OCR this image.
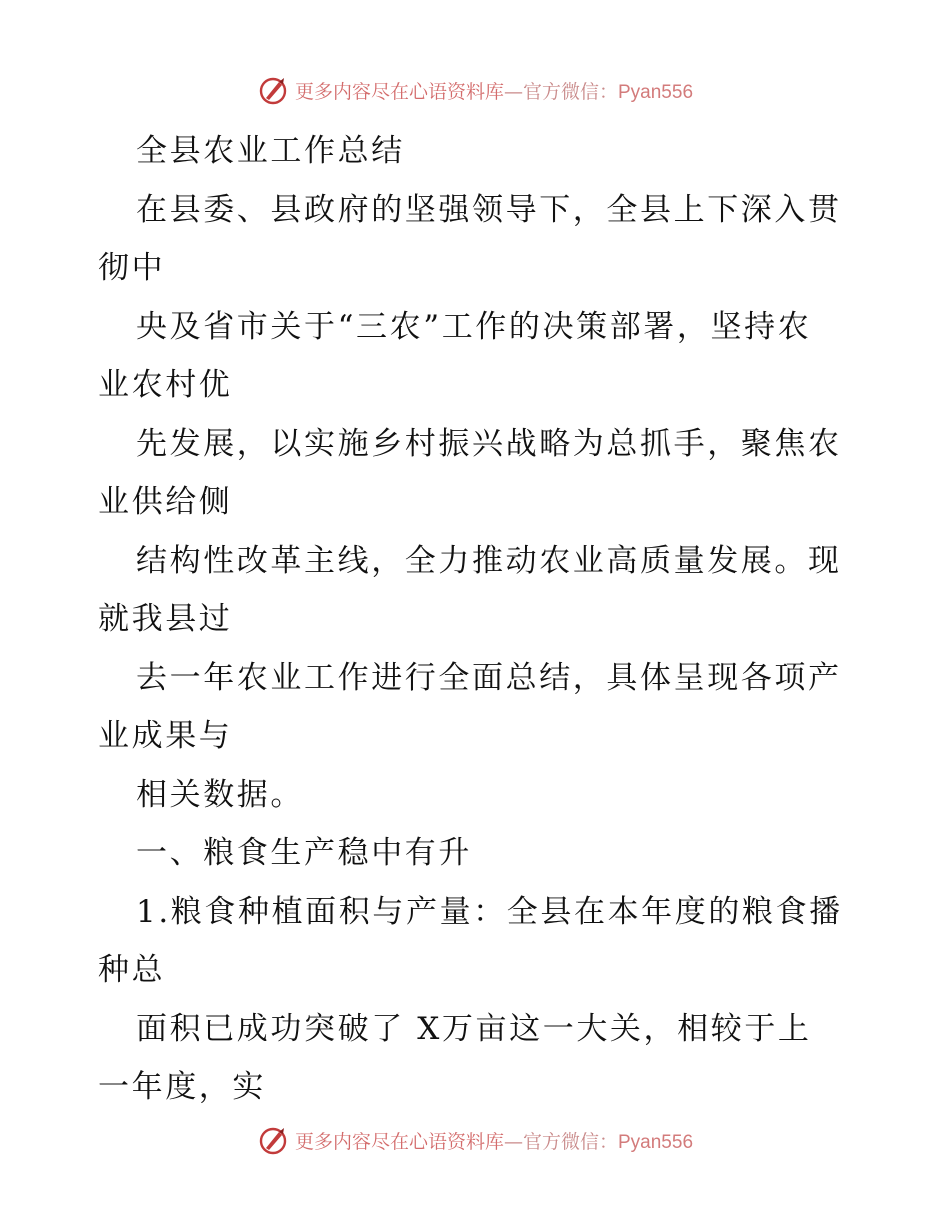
更多内容尽在心语资料库—官方微信：Pyan556
全县农业工作总结
在县委、县政府的坚强领导下，全县上下深入贯
彻中
央及省市关于“三农”工作的决策部署，坚持农
业农村优
先发展，以实施乡村振兴战略为总抓手，聚焦农
业供给侧
结构性改革主线，全力推动农业高质量发展。现
就我县过
去一年农业工作进行全面总结，具体呈现各项产
业成果与
相关数据。
一、粮食生产稳中有升
1.粮食种植面积与产量：全县在本年度的粮食播
种总
面积已成功突破了 X万亩这一大关，相较于上
一年度，实
更多内容尽在心语资料库—官方微信：Pyan556
